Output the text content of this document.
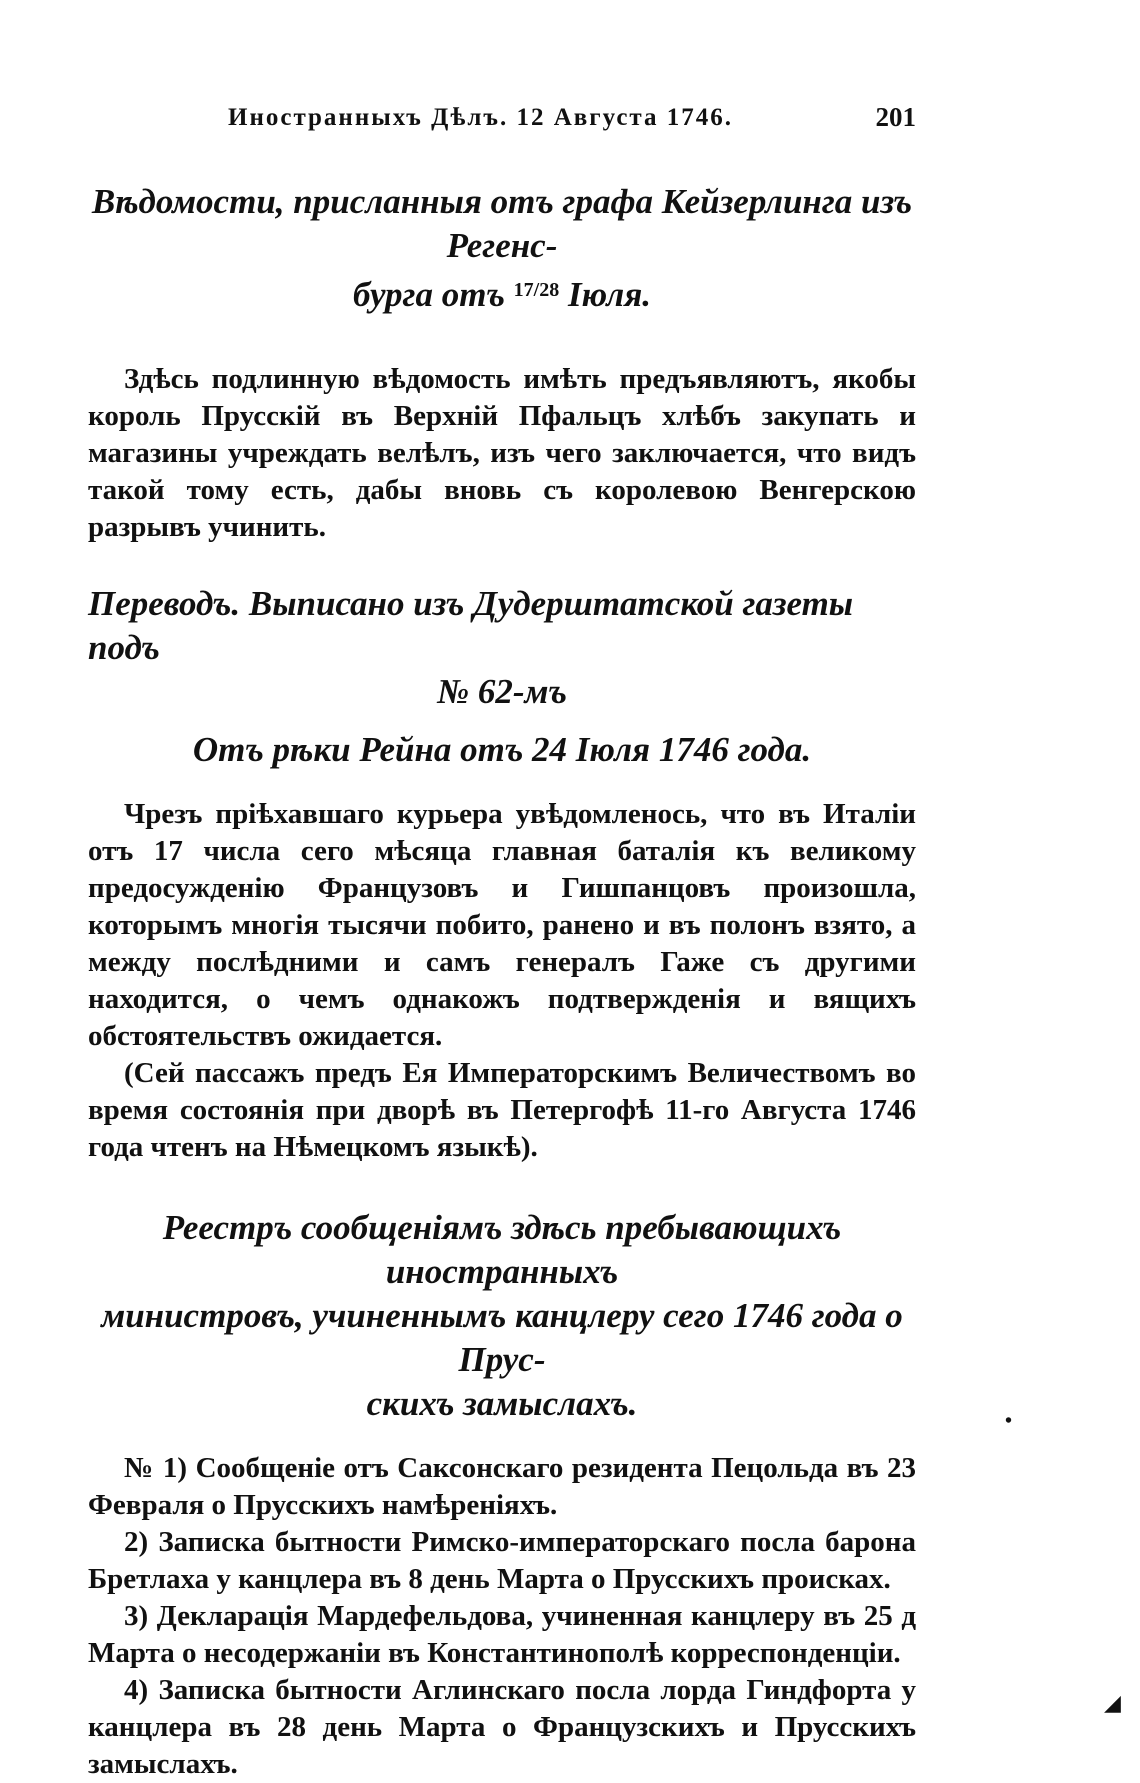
Иностранныхъ Дѣлъ. 12 Августа 1746.	201
Вѣдомости, присланныя отъ графа Кейзерлинга изъ Регенс-
бурга отъ $^{17/28}$ Іюля.

Здѣсь подлинную вѣдомость имѣть предъявляютъ, якобы король Прусскій въ Верхній Пфальцъ хлѣбъ закупать и магазины учреждать велѣлъ, изъ чего заключается, что видъ такой тому есть, дабы вновь съ королевою Венгерскою разрывъ учинить.

Переводъ. Выписано изъ Дудерштатской газеты подъ
№ 62-мъ
Отъ рѣки Рейна отъ 24 Іюля 1746 года.

Чрезъ пріѣхавшаго курьера увѣдомленось, что въ Италіи отъ 17 числа сего мѣсяца главная баталія къ великому предосужденію Французовъ и Гишпанцовъ произошла, которымъ многія тысячи побито, ранено и въ полонъ взято, а между послѣдними и самъ генералъ Гаже съ другими находится, о чемъ однакожъ подтвержденія и вящихъ обстоятельствъ ожидается.

(Сей пассажъ предъ Ея Императорскимъ Величествомъ во время состоянія при дворѣ въ Петергофѣ 11-го Августа 1746 года чтенъ на Нѣмецкомъ языкѣ).

Реестръ сообщеніямъ здѣсь пребывающихъ иностранныхъ
министровъ, учиненнымъ канцлеру сего 1746 года о Прус-
скихъ замыслахъ.

№ 1) Сообщеніе отъ Саксонскаго резидента Пецольда въ 23 Февраля о Прусскихъ намѣреніяхъ.

2) Записка бытности Римско-императорскаго посла барона Бретлаха у канцлера въ 8 день Марта о Прусскихъ происках.

3) Декларація Мардефельдова, учиненная канцлеру въ 25 д Марта о несодержаніи въ Константинополѣ корреспонденціи.

4) Записка бытности Аглинскаго посла лорда Гиндфорта у канцлера въ 28 день Марта о Французскихъ и Прусскихъ замыслахъ.

•
◢
